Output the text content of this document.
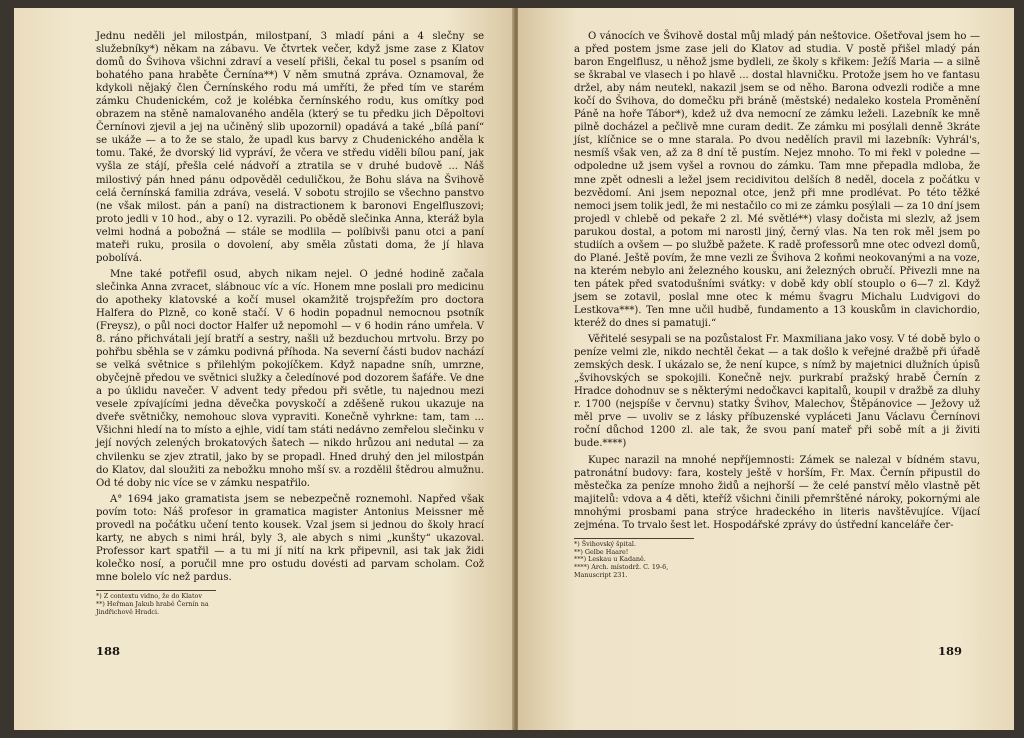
Jednu neděli jel milostpán, milostpaní, 3 mladí páni a 4 slečny se služebníky*) někam na zábavu. Ve čtvrtek večer, když jsme zase z Klatov domů do Švihova všichni zdraví a veselí přišli, čekal tu posel s psaním od bohatého pana hraběte Černína**) V něm smutná zpráva. Oznamoval, že kdykoli nějaký člen Černínského rodu má umříti, že před tím ve starém zámku Chudenickém, což je kolébka černínského rodu, kus omítky pod obrazem na stěně namalovaného anděla (který se tu předku jich Děpoltovi Černínovi zjevil a jej na učiněný slib upozornil) opadává a také „bílá paní“ se ukáže — a to že se stalo, že upadl kus barvy z Chudenického anděla k tomu. Také, že dvorský lid vypráví, že včera ve středu viděli bílou paní, jak vyšla ze stájí, přešla celé nádvoří a ztratila se v druhé budově ... Náš milostivý pán hned pánu odpověděl ceduličkou, že Bohu sláva na Švihově celá černínská familia zdráva, veselá. V sobotu strojilo se všechno panstvo (ne však milost. pán a paní) na distractionem k baronovi Engelfluszovi; proto jedli v 10 hod., aby o 12. vyrazili. Po obědě slečinka Anna, kteráž byla velmi hodná a pobožná — stále se modlila — políbivši panu otci a paní mateři ruku, prosila o dovolení, aby směla zůstati doma, že jí hlava pobolívá.

Mne také potřefil osud, abych nikam nejel. O jedné hodině začala slečinka Anna zvracet, slábnouc víc a víc. Honem mne poslali pro medicinu do apotheky klatovské a kočí musel okamžitě trojspřežím pro doctora Halfera do Plzně, co koně stačí. V 6 hodin popadnul nemocnou psotník (Freysz), o půl noci doctor Halfer už nepomohl — v 6 hodin ráno umřela. V 8. ráno přichvátali její bratří a sestry, našli už bezduchou mrtvolu. Brzy po pohřbu sběhla se v zámku podivná příhoda. Na severní části budov nachází se velká světnice s přilehlým pokojíčkem. Když napadne sníh, umrzne, obyčejně předou ve světnici služky a čeledínové pod dozorem šafáře. Ve dne a po úklidu navečer. V advent tedy předou při světle, tu najednou mezi vesele zpívajícími jedna děvečka povyskočí a zděšeně rukou ukazuje na dveře světničky, nemohouc slova vypraviti. Konečně vyhrkne: tam, tam ... Všichni hledí na to místo a ejhle, vidí tam státi nedávno zemřelou slečinku v její nových zelených brokatových šatech — nikdo hrůzou ani nedutal — za chvilenku se zjev ztratil, jako by se propadl. Hned druhý den jel milostpán do Klatov, dal sloužiti za nebožku mnoho mší sv. a rozdělil štědrou almužnu. Od té doby nic více se v zámku nespatřilo.

A° 1694 jako gramatista jsem se nebezpečně roznemohl. Napřed však povím toto: Náš profesor in gramatica magister Antonius Meissner mě provedl na počátku učení tento kousek. Vzal jsem si jednou do školy hrací karty, ne abych s nimi hrál, byly 3, ale abych s nimi „kunšty“ ukazoval. Professor kart spatřil — a tu mi jí nití na krk připevnil, asi tak jak židi kolečko nosí, a poručil mne pro ostudu dovésti ad parvam scholam. Což mne bolelo víc než pardus.

*) Z contextu vidno, že do Klatov
**) Heřman Jakub hrabě Černín na Jindřichově Hradci.
188

O vánocích ve Švihově dostal můj mladý pán neštovice. Ošetřoval jsem ho — a před postem jsme zase jeli do Klatov ad studia. V postě přišel mladý pán baron Engelflusz, u něhož jsme bydleli, ze školy s křikem: Ježíš Maria — a silně se škrabal ve vlasech i po hlavě ... dostal hlavničku. Protože jsem ho ve fantasu držel, aby nám neutekl, nakazil jsem se od něho. Barona odvezli rodiče a mne kočí do Švihova, do domečku při bráně (městské) nedaleko kostela Proměnění Páně na hoře Tábor*), kdež už dva nemocní ze zámku leželi. Lazebník ke mně pilně docházel a pečlivě mne curam dedit. Ze zámku mi posýlali denně 3kráte jíst, klíčnice se o mne starala. Po dvou nedělích pravil mi lazebník: Vyhrál's, nesmíš však ven, až za 8 dní tě pustím. Nejez mnoho. To mi řekl v poledne — odpoledne už jsem vyšel a rovnou do zámku. Tam mne přepadla mdloba, že mne zpět odnesli a ležel jsem recidivitou delších 8 neděl, docela z počátku v bezvědomí. Ani jsem nepoznal otce, jenž při mne prodlévat. Po této těžké nemoci jsem tolik jedl, že mi nestačilo co mi ze zámku posýlali — za 10 dní jsem projedl v chlebě od pekaře 2 zl. Mé světlé**) vlasy dočista mi slezlv, až jsem parukou dostal, a potom mi narostl jiný, černý vlas. Na ten rok měl jsem po studiích a ovšem — po službě pažete. K radě professorů mne otec odvezl domů, do Plané. Ještě povím, že mne vezli ze Švihova 2 koňmi neokovanými a na voze, na kterém nebylo ani železného kousku, ani železných obručí. Přivezli mne na ten pátek před svatodušními svátky: v době kdy oblí stouplo o 6—7 zl. Když jsem se zotavil, poslal mne otec k mému švagru Michalu Ludvigovi do Lestkova***). Ten mne učil hudbě, fundamento a 13 kouskům in clavichordio, kteréž do dnes si pamatuji.“

Věřitelé sesypali se na pozůstalost Fr. Maxmiliana jako vosy. V té době bylo o peníze velmi zle, nikdo nechtěl čekat — a tak došlo k veřejné dražbě při úřadě zemských desk. I ukázalo se, že není kupce, s nímž by majetnici dlužních úpisů „švihovských se spokojili. Konečně nejv. purkrabí pražský hrabě Černín z Hradce dohodnuv se s některými nedočkavci kapitalů, koupil v dražbě za dluhy r. 1700 (nejspíše v červnu) statky Švihov, Malechov, Štěpánovice — Ježovy už měl prve — uvoliv se z lásky příbuzenské vypláceti Janu Václavu Černínovi roční důchod 1200 zl. ale tak, že svou paní mateř při sobě mít a ji živiti bude.****)

Kupec narazil na mnohé nepříjemnosti: Zámek se nalezal v bídném stavu, patronátní budovy: fara, kostely ještě v horším, Fr. Max. Černín připustil do městečka za peníze mnoho židů a nejhorší — že celé panství mělo vlastně pět majitelů: vdova a 4 děti, kteříž všichni činili přemrštěné nároky, pokornými ale mnohými prosbami pana strýce hradeckého in literis navštěvujíce. Víjací zejména. To trvalo šest let. Hospodářské zprávy do ústřední kanceláře čer-

*) Švihovský špital.
**) Gelbe Haare!
***) Leskau u Kadaně.
****) Arch. místodrž. C. 19-6, Manuscript 231.
189
